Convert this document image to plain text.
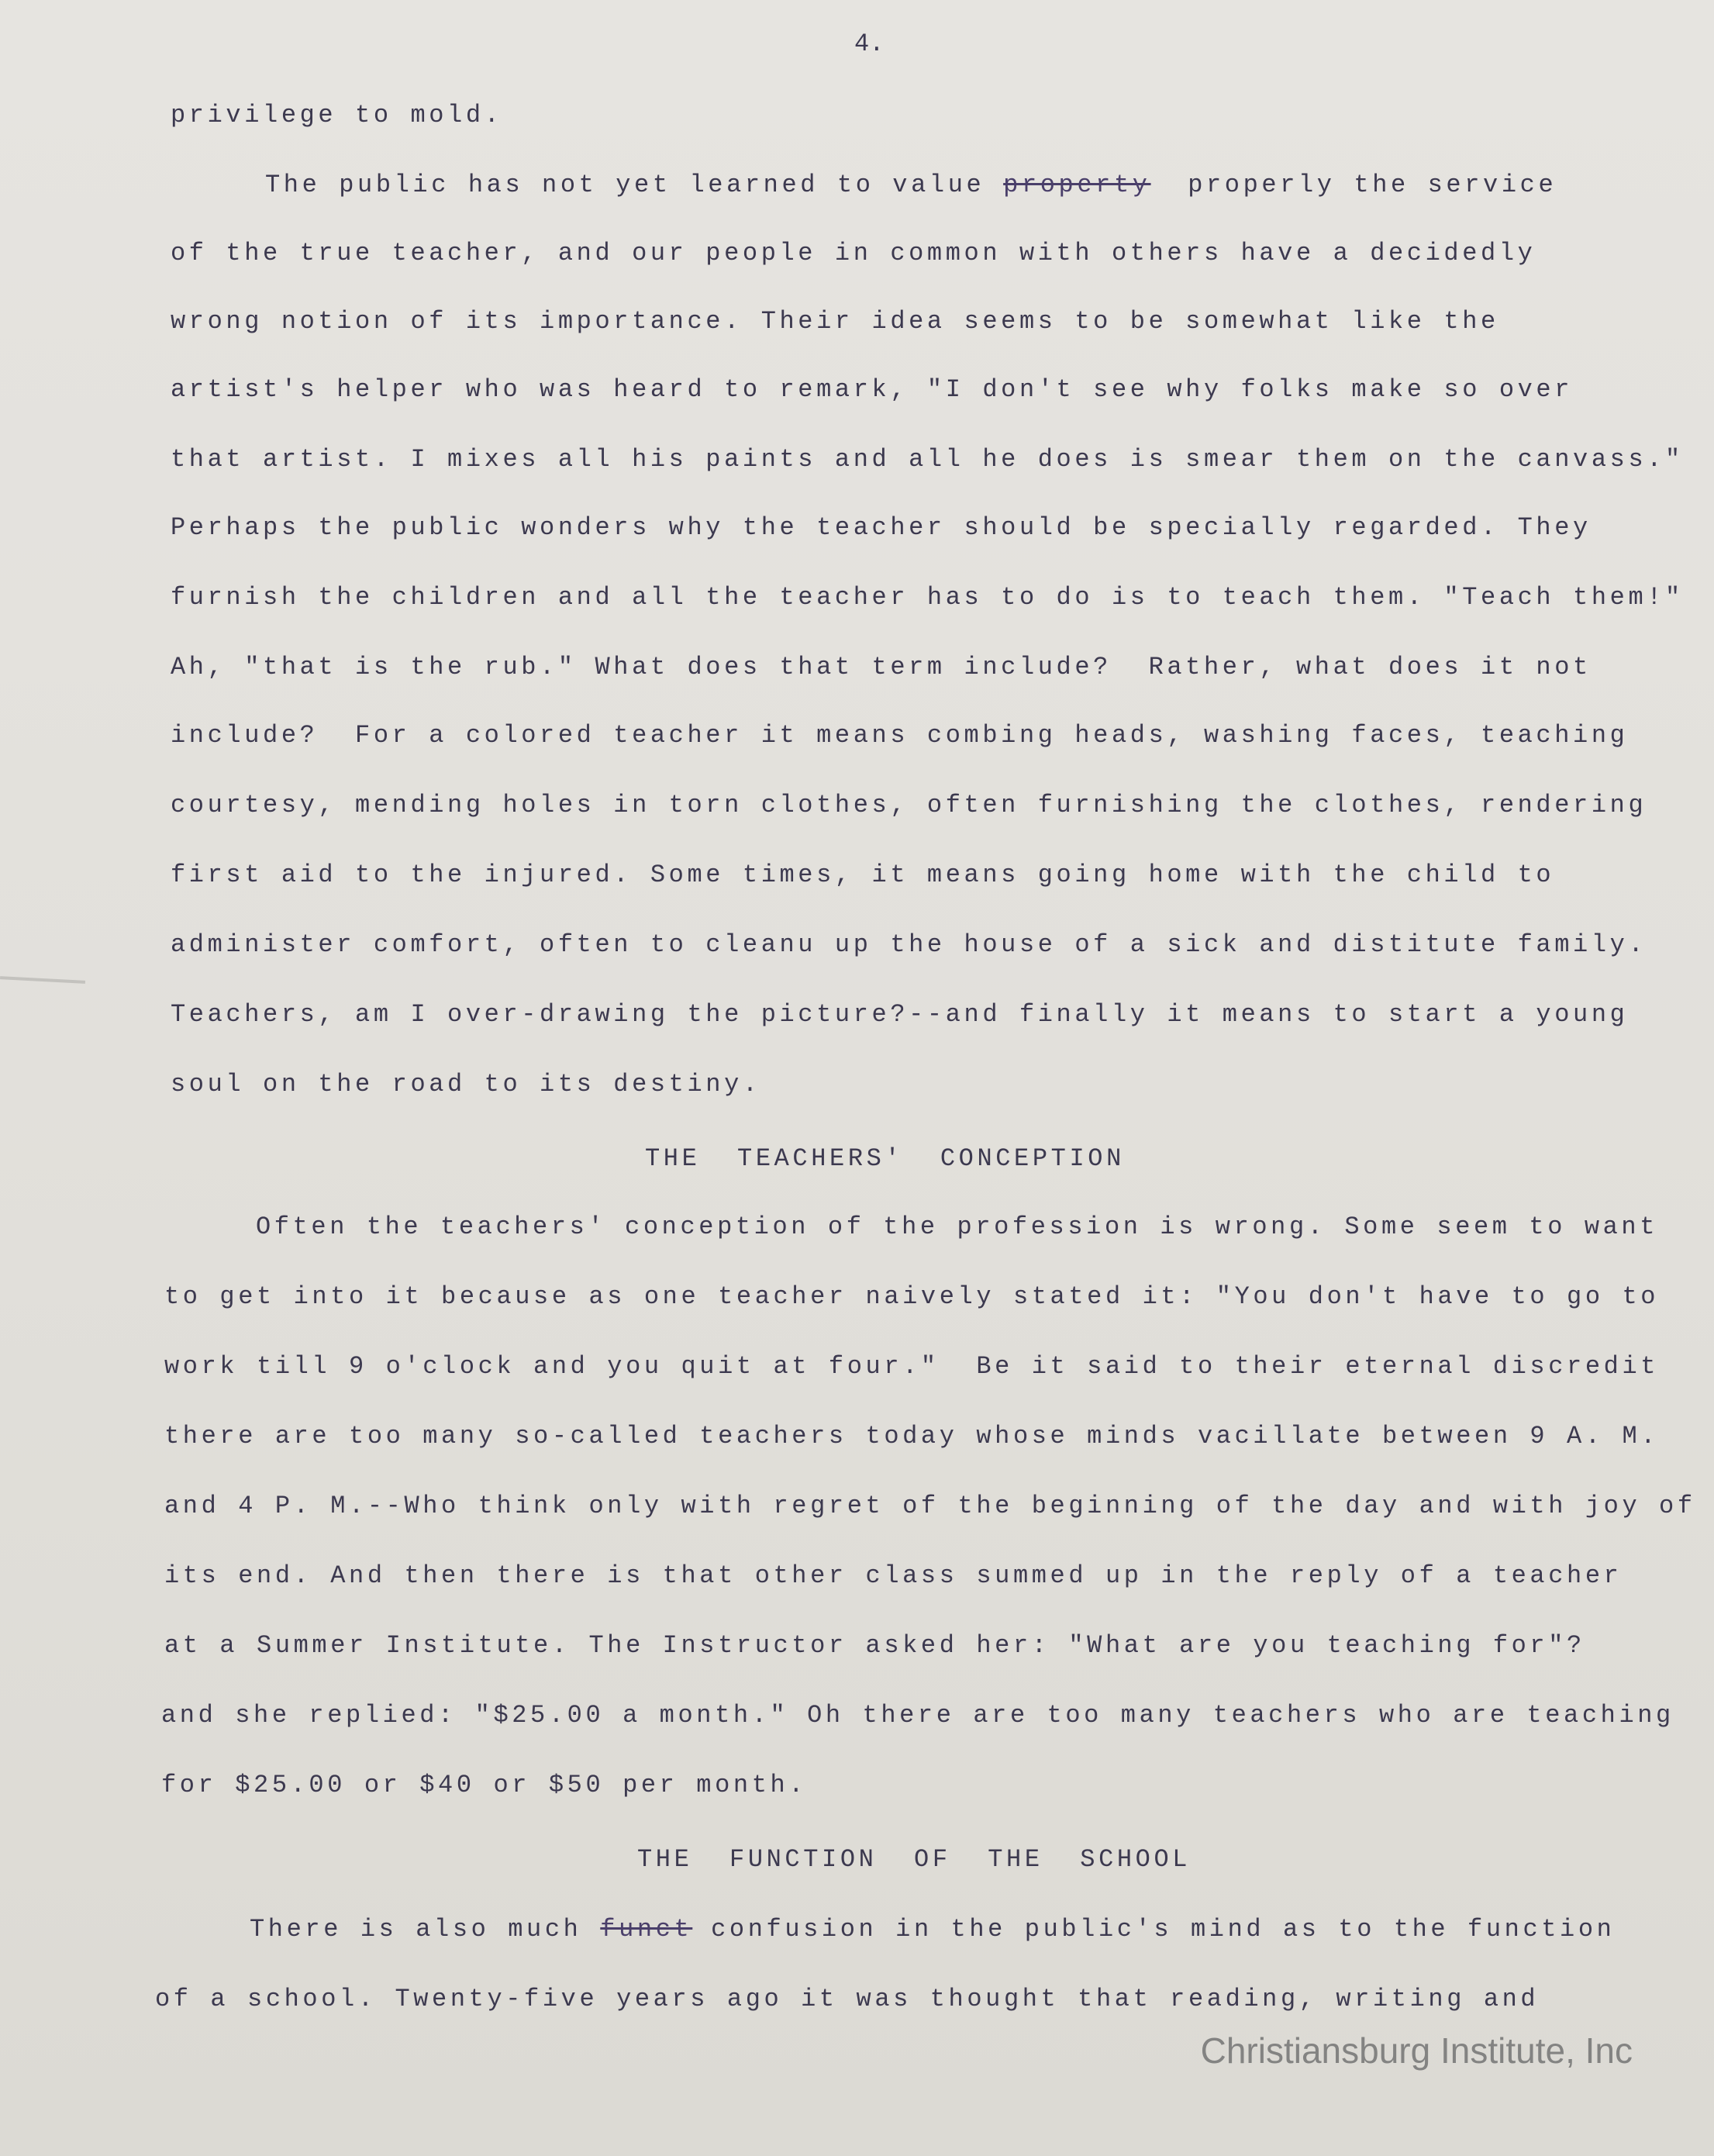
4.
privilege to mold.
The public has not yet learned to value property properly the service
of the true teacher, and our people in common with others have a decidedly
wrong notion of its importance. Their idea seems to be somewhat like the
artist's helper who was heard to remark, "I don't see why folks make so over
that artist. I mixes all his paints and all he does is smear them on the canvass."
Perhaps the public wonders why the teacher should be specially regarded. They
furnish the children and all the teacher has to do is to teach them. "Teach them!"
Ah, "that is the rub." What does that term include?  Rather, what does it not
include?  For a colored teacher it means combing heads, washing faces, teaching
courtesy, mending holes in torn clothes, often furnishing the clothes, rendering
first aid to the injured. Some times, it means going home with the child to
administer comfort, often to cleanu up the house of a sick and distitute family.
Teachers, am I over-drawing the picture?--and finally it means to start a young
soul on the road to its destiny.
THE  TEACHERS'  CONCEPTION
Often the teachers' conception of the profession is wrong. Some seem to want
to get into it because as one teacher naively stated it: "You don't have to go to
work till 9 o'clock and you quit at four."  Be it said to their eternal discredit
there are too many so-called teachers today whose minds vacillate between 9 A. M.
and 4 P. M.--Who think only with regret of the beginning of the day and with joy of
its end. And then there is that other class summed up in the reply of a teacher
at a Summer Institute. The Instructor asked her: "What are you teaching for"?
and she replied: "$25.00 a month." Oh there are too many teachers who are teaching
for $25.00 or $40 or $50 per month.
THE  FUNCTION  OF  THE  SCHOOL
There is also much funct confusion in the public's mind as to the function
of a school. Twenty-five years ago it was thought that reading, writing and
Christiansburg Institute, Inc
